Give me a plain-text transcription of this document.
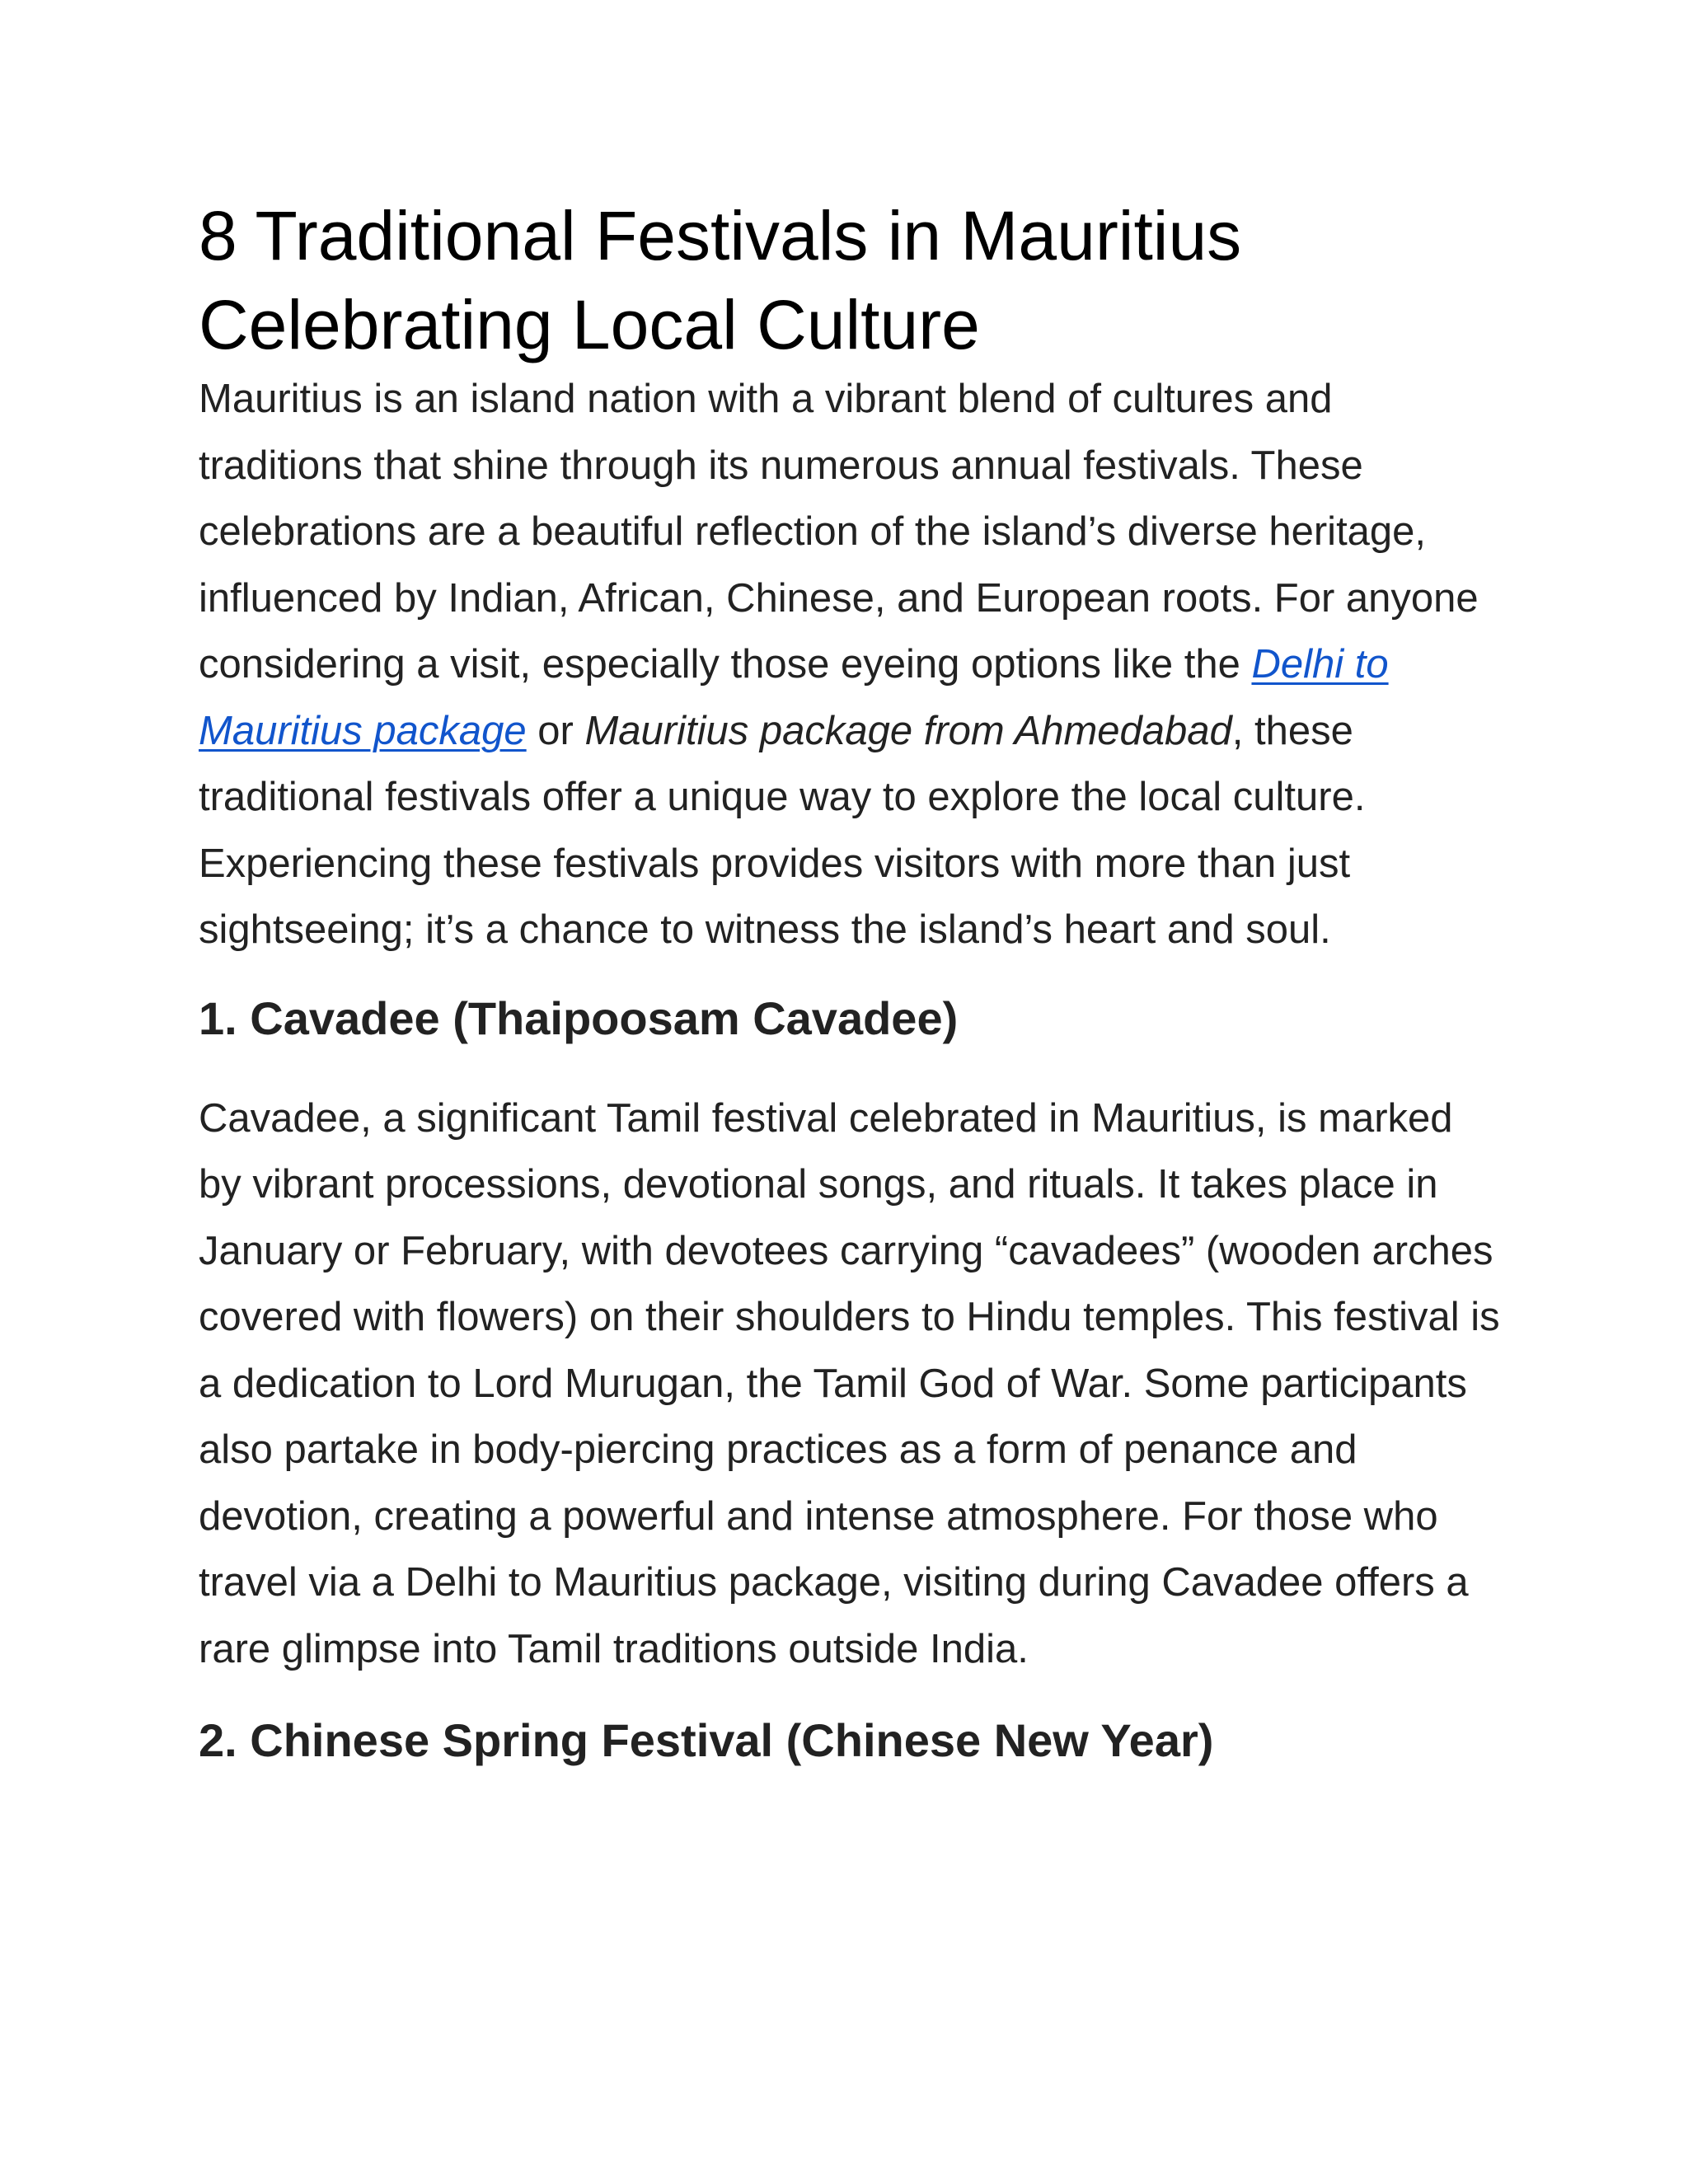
8 Traditional Festivals in Mauritius Celebrating Local Culture

Mauritius is an island nation with a vibrant blend of cultures and traditions that shine through its numerous annual festivals. These celebrations are a beautiful reflection of the island’s diverse heritage, influenced by Indian, African, Chinese, and European roots. For anyone considering a visit, especially those eyeing options like the Delhi to Mauritius package or Mauritius package from Ahmedabad, these traditional festivals offer a unique way to explore the local culture. Experiencing these festivals provides visitors with more than just sightseeing; it’s a chance to witness the island’s heart and soul.

1. Cavadee (Thaipoosam Cavadee)

Cavadee, a significant Tamil festival celebrated in Mauritius, is marked by vibrant processions, devotional songs, and rituals. It takes place in January or February, with devotees carrying “cavadees” (wooden arches covered with flowers) on their shoulders to Hindu temples. This festival is a dedication to Lord Murugan, the Tamil God of War. Some participants also partake in body-piercing practices as a form of penance and devotion, creating a powerful and intense atmosphere. For those who travel via a Delhi to Mauritius package, visiting during Cavadee offers a rare glimpse into Tamil traditions outside India.

2. Chinese Spring Festival (Chinese New Year)
